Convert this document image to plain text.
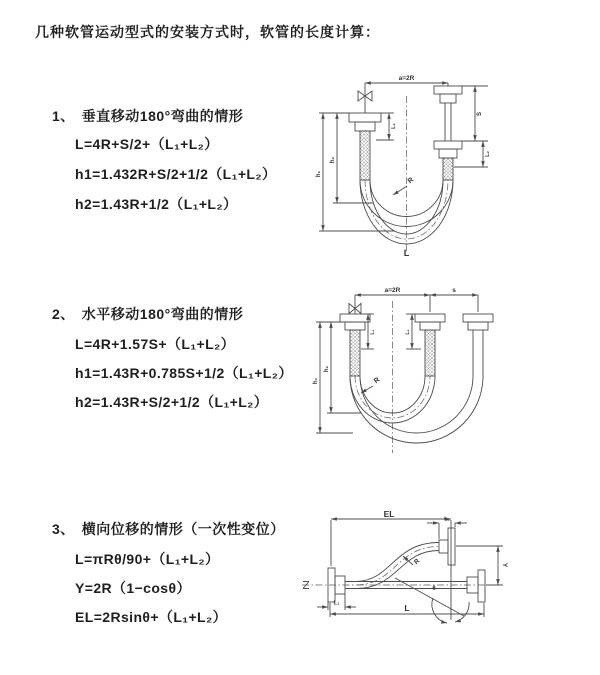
几种软管运动型式的安装方式时，软管的长度计算：
1、 垂直移动180°弯曲的情形
L=4R+S/2+（L₁+L₂）
h1=1.432R+S/2+1/2（L₁+L₂）
h2=1.43R+1/2（L₁+L₂）
2、 水平移动180°弯曲的情形
L=4R+1.57S+（L₁+L₂）
h1=1.43R+0.785S+1/2（L₁+L₂）
h2=1.43R+S/2+1/2（L₁+L₂）
3、 横向位移的情形（一次性变位）
L=πRθ/90+（L₁+L₂）
Y=2R（1−cosθ）
EL=2Rsinθ+（L₁+L₂）
a=2R
h₁
h₂
L₁
S
L₂
R
L
a=2R	s
h₁
h₂
L₁	L₂
R
EL
L₂
Y
L
L₁
θ
R
